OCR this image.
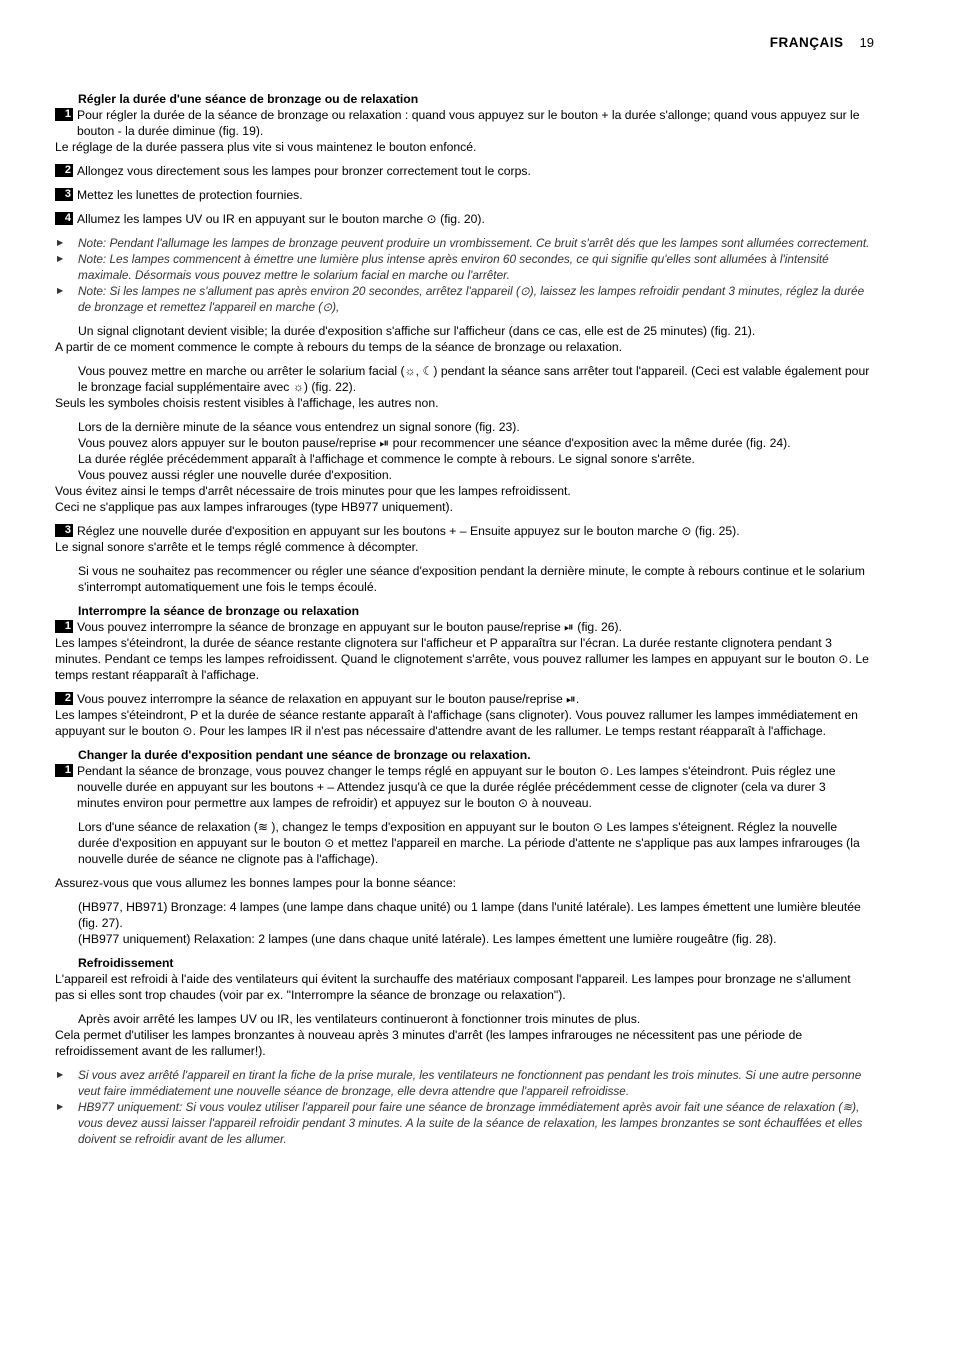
FRANÇAIS 19

Régler la durée d'une séance de bronzage ou de relaxation

1 Pour régler la durée de la séance de bronzage ou relaxation : quand vous appuyez sur le bouton + la durée s'allonge; quand vous appuyez sur le bouton - la durée diminue (fig. 19).

Le réglage de la durée passera plus vite si vous maintenez le bouton enfoncé.

2 Allongez vous directement sous les lampes pour bronzer correctement tout le corps.
3 Mettez les lunettes de protection fournies.
4 Allumez les lampes UV ou IR en appuyant sur le bouton marche ⊙ (fig. 20).
▶	Note: Pendant l'allumage les lampes de bronzage peuvent produire un vrombissement. Ce bruit s'arrêt dés que les lampes sont allumées correctement.
▶	Note: Les lampes commencent à émettre une lumière plus intense après environ 60 secondes, ce qui signifie qu'elles sont allumées à l'intensité maximale. Désormais vous pouvez mettre le solarium facial en marche ou l'arrêter.
▶	Note: Si les lampes ne s'allument pas après environ 20 secondes, arrêtez l'appareil (⊙), laissez les lampes refroidir pendant 3 minutes, réglez la durée de bronzage et remettez l'appareil en marche (⊙),

Un signal clignotant devient visible; la durée d'exposition s'affiche sur l'afficheur (dans ce cas, elle est de 25 minutes) (fig. 21).

A partir de ce moment commence le compte à rebours du temps de la séance de bronzage ou relaxation.

Vous pouvez mettre en marche ou arrêter le solarium facial (☼, ☾) pendant la séance sans arrêter tout l'appareil. (Ceci est valable également pour le bronzage facial supplémentaire avec ☼) (fig. 22).

Seuls les symboles choisis restent visibles à l'affichage, les autres non.

Lors de la dernière minute de la séance vous entendrez un signal sonore (fig. 23).

Vous pouvez alors appuyer sur le bouton pause/reprise ⏯ pour recommencer une séance d'exposition avec la même durée (fig. 24).

La durée réglée précédemment apparaît à l'affichage et commence le compte à rebours. Le signal sonore s'arrête.

Vous pouvez aussi régler une nouvelle durée d'exposition.

Vous évitez ainsi le temps d'arrêt nécessaire de trois minutes pour que les lampes refroidissent.

Ceci ne s'applique pas aux lampes infrarouges (type HB977 uniquement).

3 Réglez une nouvelle durée d'exposition en appuyant sur les boutons + – Ensuite appuyez sur le bouton marche ⊙ (fig. 25).

Le signal sonore s'arrête et le temps réglé commence à décompter.

Si vous ne souhaitez pas recommencer ou régler une séance d'exposition pendant la dernière minute, le compte à rebours continue et le solarium s'interrompt automatiquement une fois le temps écoulé.

Interrompre la séance de bronzage ou relaxation

1 Vous pouvez interrompre la séance de bronzage en appuyant sur le bouton pause/reprise ⏯ (fig. 26).

Les lampes s'éteindront, la durée de séance restante clignotera sur l'afficheur et P apparaîtra sur l'écran. La durée restante clignotera pendant 3 minutes. Pendant ce temps les lampes refroidissent. Quand le clignotement s'arrête, vous pouvez rallumer les lampes en appuyant sur le bouton ⊙. Le temps restant réapparaît à l'affichage.

2 Vous pouvez interrompre la séance de relaxation en appuyant sur le bouton pause/reprise ⏯.

Les lampes s'éteindront, P et la durée de séance restante apparaît à l'affichage (sans clignoter). Vous pouvez rallumer les lampes immédiatement en appuyant sur le bouton ⊙. Pour les lampes IR il n'est pas nécessaire d'attendre avant de les rallumer. Le temps restant réapparaît à l'affichage.

Changer la durée d'exposition pendant une séance de bronzage ou relaxation.

1 Pendant la séance de bronzage, vous pouvez changer le temps réglé en appuyant sur le bouton ⊙. Les lampes s'éteindront. Puis réglez une nouvelle durée en appuyant sur les boutons + – Attendez jusqu'à ce que la durée réglée précédemment cesse de clignoter (cela va durer 3 minutes environ pour permettre aux lampes de refroidir) et appuyez sur le bouton ⊙ à nouveau.

Lors d'une séance de relaxation (≋ ), changez le temps d'exposition en appuyant sur le bouton ⊙ Les lampes s'éteignent. Réglez la nouvelle durée d'exposition en appuyant sur le bouton ⊙ et mettez l'appareil en marche. La période d'attente ne s'applique pas aux lampes infrarouges (la nouvelle durée de séance ne clignote pas à l'affichage).

Assurez-vous que vous allumez les bonnes lampes pour la bonne séance:

(HB977, HB971) Bronzage: 4 lampes (une lampe dans chaque unité) ou 1 lampe (dans l'unité latérale). Les lampes émettent une lumière bleutée (fig. 27).

(HB977 uniquement) Relaxation: 2 lampes (une dans chaque unité latérale). Les lampes émettent une lumière rougeâtre (fig. 28).

Refroidissement

L'appareil est refroidi à l'aide des ventilateurs qui évitent la surchauffe des matériaux composant l'appareil. Les lampes pour bronzage ne s'allument pas si elles sont trop chaudes (voir par ex. "Interrompre la séance de bronzage ou relaxation").

Après avoir arrêté les lampes UV ou IR, les ventilateurs continueront à fonctionner trois minutes de plus.

Cela permet d'utiliser les lampes bronzantes à nouveau après 3 minutes d'arrêt (les lampes infrarouges ne nécessitent pas une période de refroidissement avant de les rallumer!).

▶	Si vous avez arrêté l'appareil en tirant la fiche de la prise murale, les ventilateurs ne fonctionnent pas pendant les trois minutes. Si une autre personne veut faire immédiatement une nouvelle séance de bronzage, elle devra attendre que l'appareil refroidisse.
▶	HB977 uniquement: Si vous voulez utiliser l'appareil pour faire une séance de bronzage immédiatement après avoir fait une séance de relaxation (≋), vous devez aussi laisser l'appareil refroidir pendant 3 minutes. A la suite de la séance de relaxation, les lampes bronzantes se sont échauffées et elles doivent se refroidir avant de les allumer.
